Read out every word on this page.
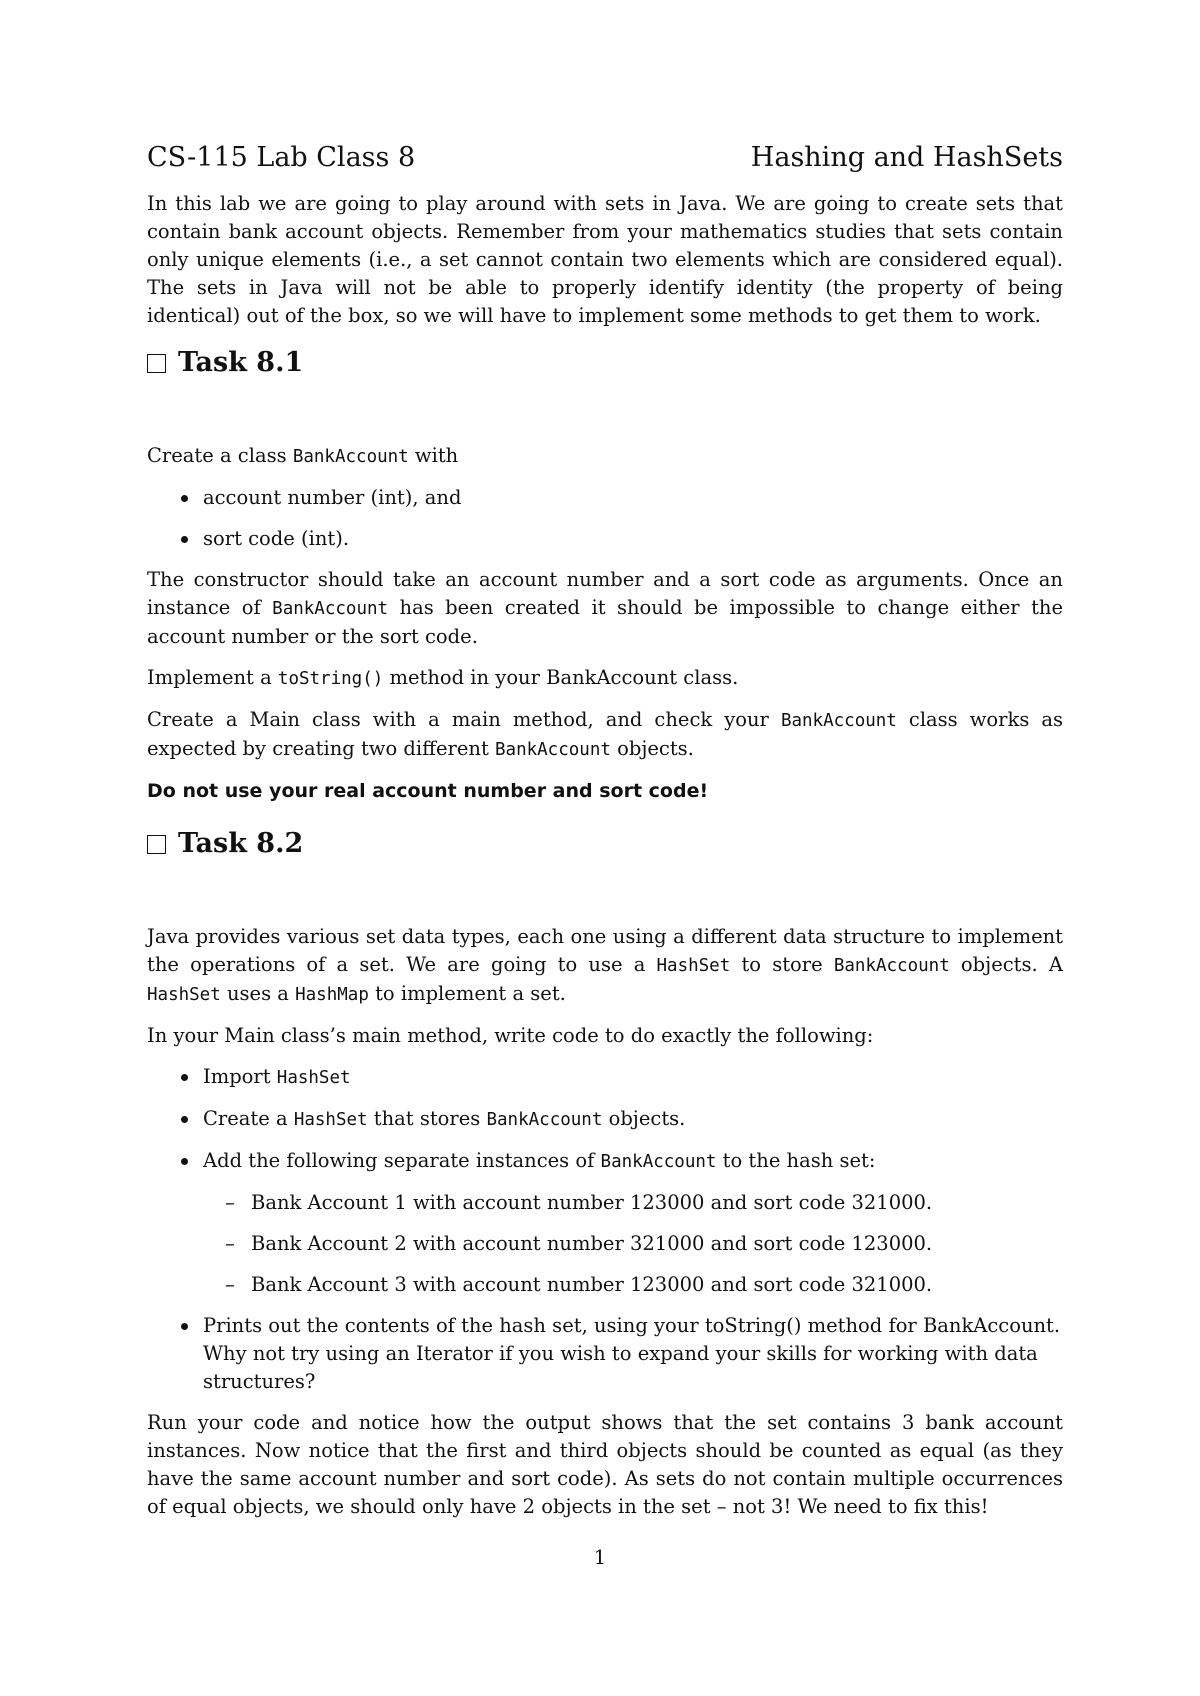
CS-115 Lab Class 8	Hashing and HashSets

In this lab we are going to play around with sets in Java. We are going to create sets that contain bank account objects. Remember from your mathematics studies that sets contain only unique elements (i.e., a set cannot contain two elements which are considered equal). The sets in Java will not be able to properly identify identity (the property of being identical) out of the box, so we will have to implement some methods to get them to work.

Task 8.1

Create a class BankAccount with

account number (int), and
sort code (int).

The constructor should take an account number and a sort code as arguments. Once an instance of BankAccount has been created it should be impossible to change either the account number or the sort code.

Implement a toString() method in your BankAccount class.

Create a Main class with a main method, and check your BankAccount class works as expected by creating two different BankAccount objects.

Do not use your real account number and sort code!

Task 8.2

Java provides various set data types, each one using a different data structure to implement the operations of a set. We are going to use a HashSet to store BankAccount objects. A HashSet uses a HashMap to implement a set.

In your Main class’s main method, write code to do exactly the following:

Import HashSet
Create a HashSet that stores BankAccount objects.
Add the following separate instances of BankAccount to the hash set:
– Bank Account 1 with account number 123000 and sort code 321000.
– Bank Account 2 with account number 321000 and sort code 123000.
– Bank Account 3 with account number 123000 and sort code 321000.
Prints out the contents of the hash set, using your toString() method for BankAccount. Why not try using an Iterator if you wish to expand your skills for working with data structures?

Run your code and notice how the output shows that the set contains 3 bank account instances. Now notice that the first and third objects should be counted as equal (as they have the same account number and sort code). As sets do not contain multiple occurrences of equal objects, we should only have 2 objects in the set – not 3! We need to fix this!

1
